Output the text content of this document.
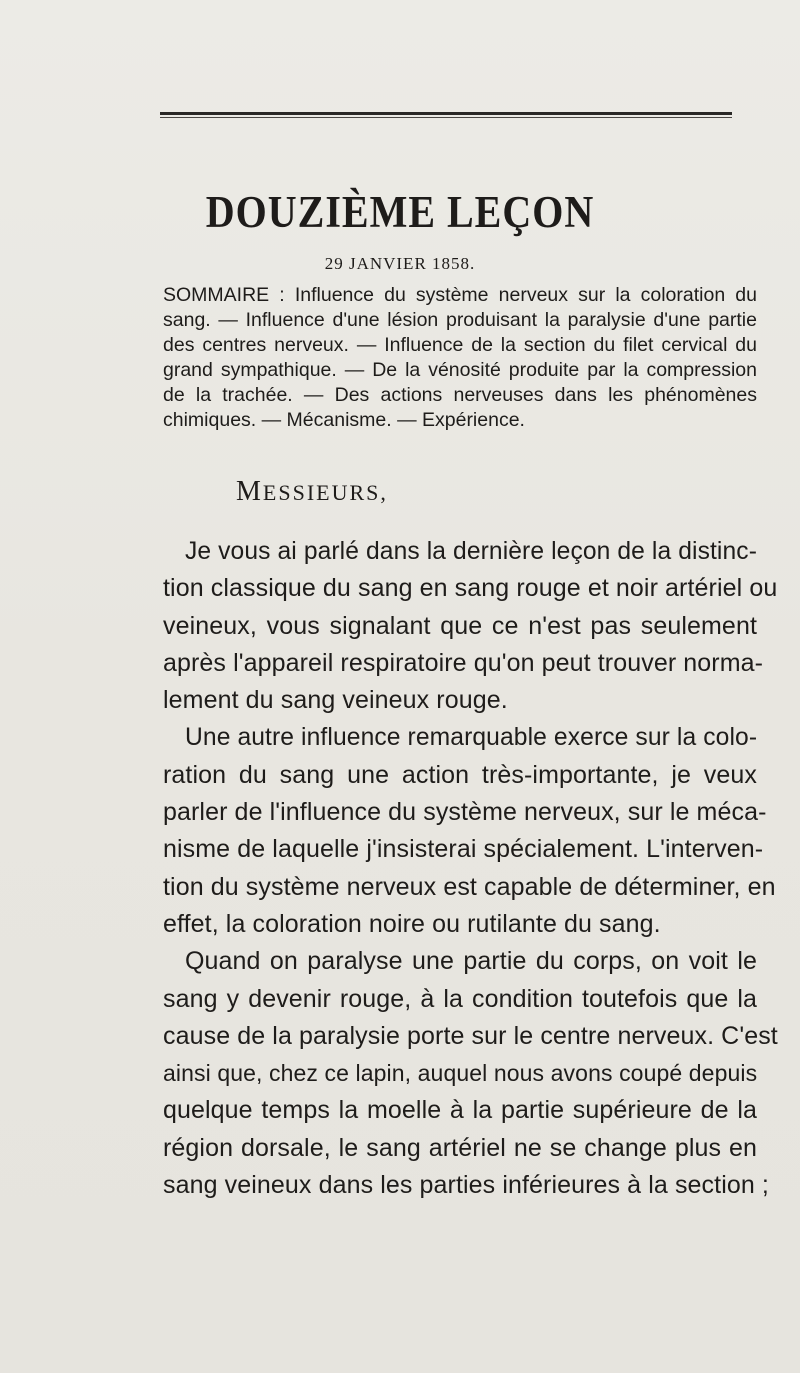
DOUZIÈME LEÇON
29 JANVIER 1858.
SOMMAIRE : Influence du système nerveux sur la coloration du sang. — Influence d'une lésion produisant la paralysie d'une partie des centres nerveux. — Influence de la section du filet cervical du grand sympathique. — De la vénosité produite par la compression de la trachée. — Des actions nerveuses dans les phénomènes chimiques. — Mécanisme. — Expérience.
MESSIEURS,
Je vous ai parlé dans la dernière leçon de la distinc-
tion classique du sang en sang rouge et noir artériel ou
veineux, vous signalant que ce n'est pas seulement
après l'appareil respiratoire qu'on peut trouver norma-
lement du sang veineux rouge.
Une autre influence remarquable exerce sur la colo-
ration du sang une action très-importante, je veux
parler de l'influence du système nerveux, sur le méca-
nisme de laquelle j'insisterai spécialement. L'interven-
tion du système nerveux est capable de déterminer, en
effet, la coloration noire ou rutilante du sang.
Quand on paralyse une partie du corps, on voit le
sang y devenir rouge, à la condition toutefois que la
cause de la paralysie porte sur le centre nerveux. C'est
ainsi que, chez ce lapin, auquel nous avons coupé depuis
quelque temps la moelle à la partie supérieure de la
région dorsale, le sang artériel ne se change plus en
sang veineux dans les parties inférieures à la section ;
